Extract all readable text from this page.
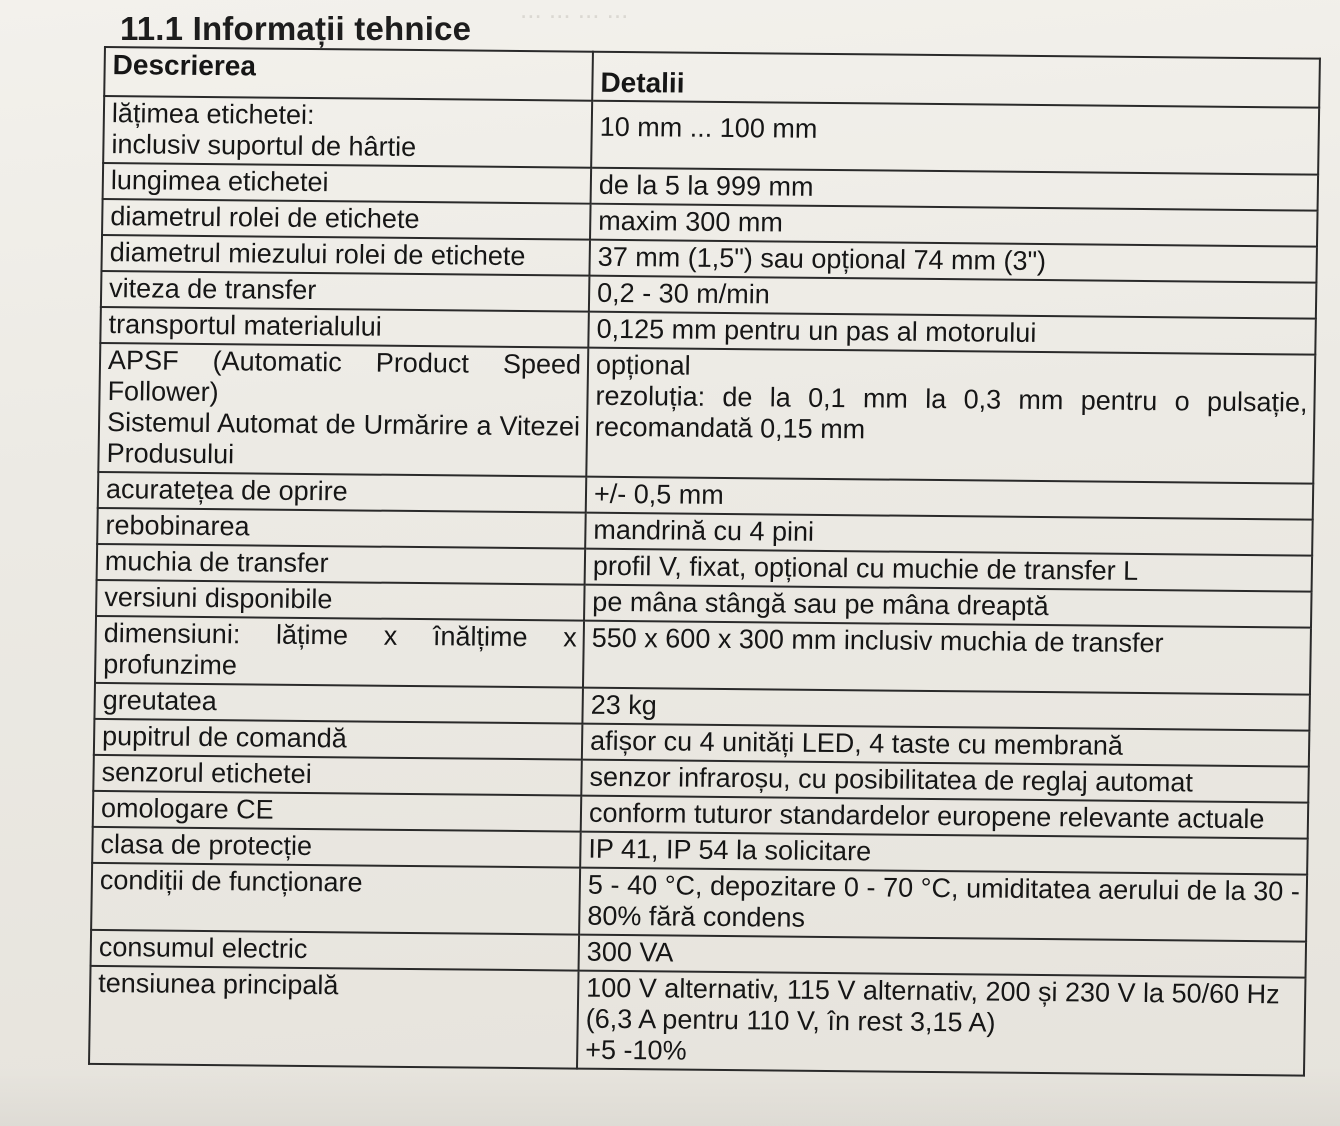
... ... ... ...
11.1 Informații tehnice
Descrierea	Detalii

lățimea etichetei:
inclusiv suportul de hârtie	10 mm ... 100 mm

lungimea etichetei	de la 5 la 999 mm

diametrul rolei de etichete	maxim 300 mm

diametrul miezului rolei de etichete	37 mm (1,5") sau opțional 74 mm (3")

viteza de transfer	0,2 - 30 m/min

transportul materialului	0,125 mm pentru un pas al motorului

APSF (Automatic Product Speed Follower)
Sistemul Automat de Urmărire a Vitezei Produsului	opțional
rezoluția: de la 0,1 mm la 0,3 mm pentru o pulsație, recomandată 0,15 mm

acuratețea de oprire	+/- 0,5 mm

rebobinarea	mandrină cu 4 pini

muchia de transfer	profil V, fixat, opțional cu muchie de transfer L

versiuni disponibile	pe mâna stângă sau pe mâna dreaptă

dimensiuni: lățime x înălțime x profunzime	550 x 600 x 300 mm inclusiv muchia de transfer

greutatea	23 kg

pupitrul de comandă	afișor cu 4 unități LED, 4 taste cu membrană

senzorul etichetei	senzor infraroșu, cu posibilitatea de reglaj automat

omologare CE	conform tuturor standardelor europene relevante actuale

clasa de protecție	IP 41, IP 54 la solicitare

condiții de funcționare	5 - 40 °C, depozitare 0 - 70 °C, umiditatea aerului de la 30 - 80% fără condens

consumul electric	300 VA

tensiunea principală	100 V alternativ, 115 V alternativ, 200 și 230 V la 50/60 Hz (6,3 A pentru 110 V, în rest 3,15 A)
+5 -10%
